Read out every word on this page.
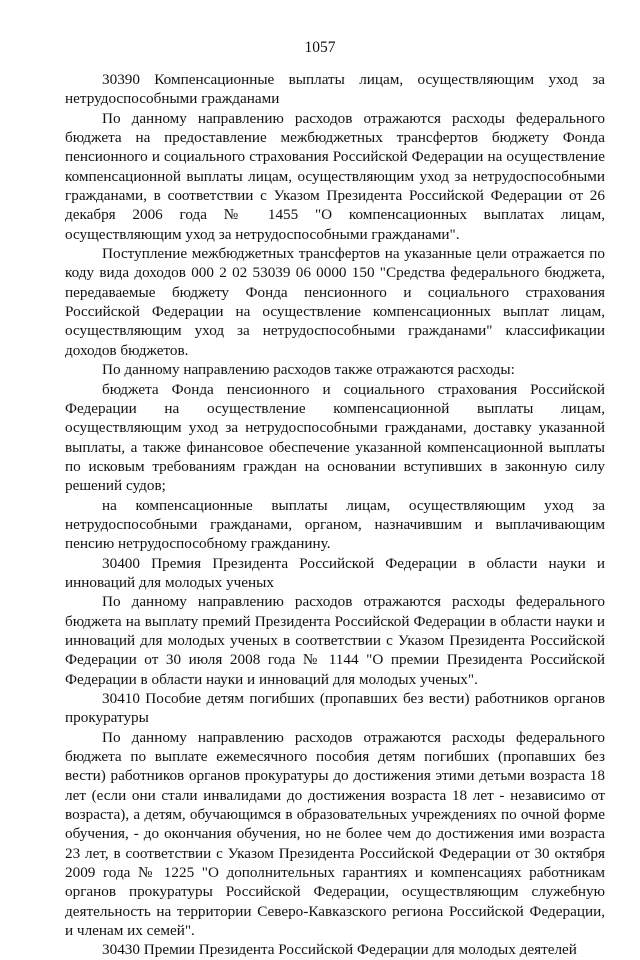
1057

30390 Компенсационные выплаты лицам, осуществляющим уход за нетрудоспособными гражданами

По данному направлению расходов отражаются расходы федерального бюджета на предоставление межбюджетных трансфертов бюджету Фонда пенсионного и социального страхования Российской Федерации на осуществление компенсационной выплаты лицам, осуществляющим уход за нетрудоспособными гражданами, в соответствии с Указом Президента Российской Федерации от 26 декабря 2006 года № 1455 "О компенсационных выплатах лицам, осуществляющим уход за нетрудоспособными гражданами".

Поступление межбюджетных трансфертов на указанные цели отражается по коду вида доходов 000 2 02 53039 06 0000 150 "Средства федерального бюджета, передаваемые бюджету Фонда пенсионного и социального страхования Российской Федерации на осуществление компенсационных выплат лицам, осуществляющим уход за нетрудоспособными гражданами" классификации доходов бюджетов.

По данному направлению расходов также отражаются расходы:

бюджета Фонда пенсионного и социального страхования Российской Федерации на осуществление компенсационной выплаты лицам, осуществляющим уход за нетрудоспособными гражданами, доставку указанной выплаты, а также финансовое обеспечение указанной компенсационной выплаты по исковым требованиям граждан на основании вступивших в законную силу решений судов;

на компенсационные выплаты лицам, осуществляющим уход за нетрудоспособными гражданами, органом, назначившим и выплачивающим пенсию нетрудоспособному гражданину.

30400 Премия Президента Российской Федерации в области науки и инноваций для молодых ученых

По данному направлению расходов отражаются расходы федерального бюджета на выплату премий Президента Российской Федерации в области науки и инноваций для молодых ученых в соответствии с Указом Президента Российской Федерации от 30 июля 2008 года № 1144 "О премии Президента Российской Федерации в области науки и инноваций для молодых ученых".

30410 Пособие детям погибших (пропавших без вести) работников органов прокуратуры

По данному направлению расходов отражаются расходы федерального бюджета по выплате ежемесячного пособия детям погибших (пропавших без вести) работников органов прокуратуры до достижения этими детьми возраста 18 лет (если они стали инвалидами до достижения возраста 18 лет - независимо от возраста), а детям, обучающимся в образовательных учреждениях по очной форме обучения, - до окончания обучения, но не более чем до достижения ими возраста 23 лет, в соответствии с Указом Президента Российской Федерации от 30 октября 2009 года № 1225 "О дополнительных гарантиях и компенсациях работникам органов прокуратуры Российской Федерации, осуществляющим служебную деятельность на территории Северо-Кавказского региона Российской Федерации, и членам их семей".

30430 Премии Президента Российской Федерации для молодых деятелей
